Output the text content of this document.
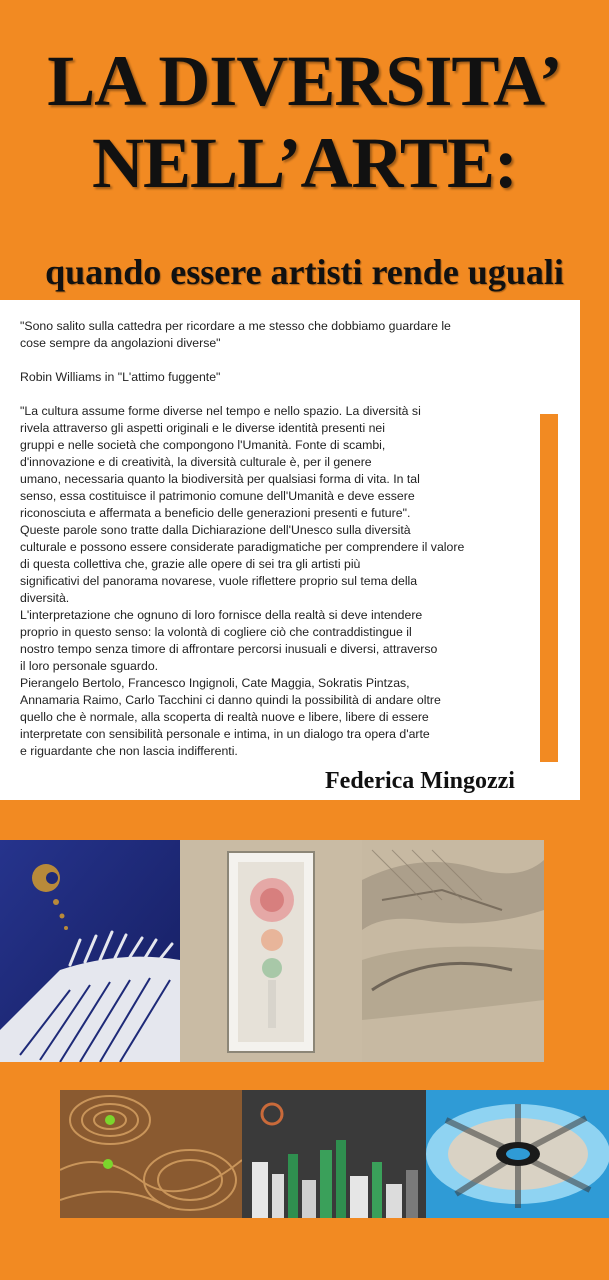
LA DIVERSITA’
NELL’ARTE:
quando essere artisti rende uguali

"Sono salito sulla cattedra per ricordare a me stesso che dobbiamo guardare le

cose sempre da angolazioni diverse"

Robin Williams in "L'attimo fuggente"

"La cultura assume forme diverse nel tempo e nello spazio. La diversità si

rivela attraverso gli aspetti originali e le diverse identità presenti nei

gruppi e nelle società che compongono l'Umanità. Fonte di scambi,

d'innovazione e di creatività, la diversità culturale è, per il genere

umano, necessaria quanto la biodiversità per qualsiasi forma di vita. In tal

senso, essa costituisce il patrimonio comune dell'Umanità e deve essere

riconosciuta e affermata a beneficio delle generazioni presenti e future".

Queste parole sono tratte dalla Dichiarazione dell'Unesco sulla diversità

culturale e possono essere considerate paradigmatiche per comprendere il valore

di questa collettiva che, grazie alle opere di sei tra gli artisti più

significativi del panorama novarese, vuole riflettere proprio sul tema della

diversità.

L'interpretazione che ognuno di loro fornisce della realtà si deve intendere

proprio in questo senso: la volontà di cogliere ciò che contraddistingue il

nostro tempo senza timore di affrontare percorsi inusuali e diversi, attraverso

il loro personale sguardo.

Pierangelo Bertolo, Francesco Ingignoli, Cate Maggia, Sokratis Pintzas,

Annamaria Raimo, Carlo Tacchini ci danno quindi la possibilità di andare oltre

quello che è normale, alla scoperta di realtà nuove e libere, libere di essere

interpretate con sensibilità personale e intima, in un dialogo tra opera d'arte

e riguardante che non lascia indifferenti.

Federica Mingozzi
